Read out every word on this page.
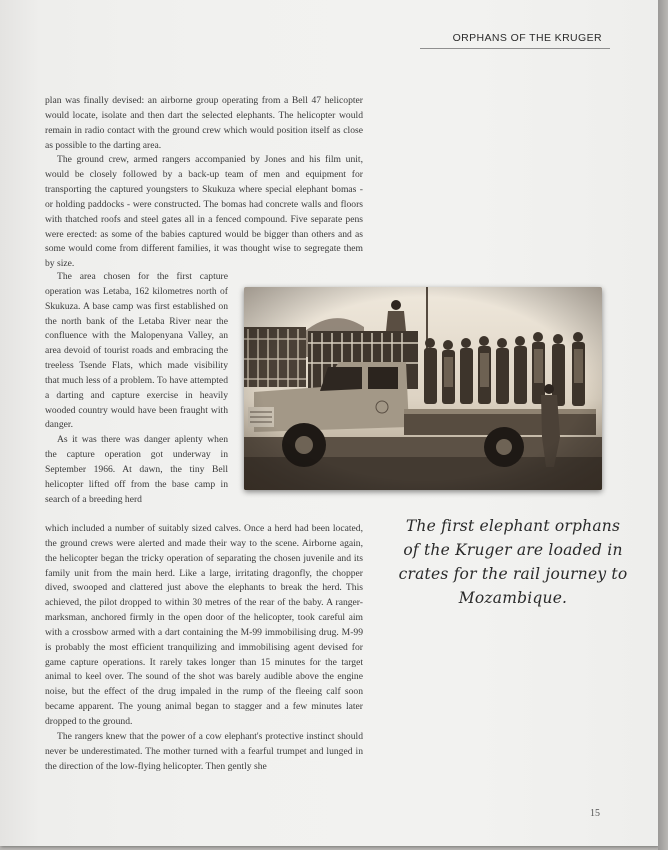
ORPHANS OF THE KRUGER

plan was finally devised: an airborne group operating from a Bell 47 helicopter would locate, isolate and then dart the selected elephants. The helicopter would remain in radio contact with the ground crew which would position itself as close as possible to the darting area.

The ground crew, armed rangers accompanied by Jones and his film unit, would be closely followed by a back-up team of men and equipment for transporting the captured youngsters to Skukuza where special elephant bomas - or holding paddocks - were constructed. The bomas had concrete walls and floors with thatched roofs and steel gates all in a fenced compound. Five separate pens were erected: as some of the babies captured would be bigger than others and as some would come from different families, it was thought wise to segregate them by size.

The area chosen for the first capture operation was Letaba, 162 kilometres north of Skukuza. A base camp was first established on the north bank of the Letaba River near the confluence with the Malopenyana Valley, an area devoid of tourist roads and embracing the treeless Tsende Flats, which made visibility that much less of a problem. To have attempted a darting and capture exercise in heavily wooded country would have been fraught with danger.

As it was there was danger aplenty when the capture operation got underway in September 1966. At dawn, the tiny Bell helicopter lifted off from the base camp in search of a breeding herd

which included a number of suitably sized calves. Once a herd had been located, the ground crews were alerted and made their way to the scene. Airborne again, the helicopter began the tricky operation of separating the chosen juvenile and its family unit from the main herd. Like a large, irritating dragonfly, the chopper dived, swooped and clattered just above the elephants to break the herd. This achieved, the pilot dropped to within 30 metres of the rear of the baby. A ranger-marksman, anchored firmly in the open door of the helicopter, took careful aim with a crossbow armed with a dart containing the M-99 immobilising drug. M-99 is probably the most efficient tranquilizing and immobilising agent devised for game capture operations. It rarely takes longer than 15 minutes for the target animal to keel over. The sound of the shot was barely audible above the engine noise, but the effect of the drug impaled in the rump of the fleeing calf soon became apparent. The young animal began to stagger and a few minutes later dropped to the ground.

The rangers knew that the power of a cow elephant's protective instinct should never be underestimated. The mother turned with a fearful trumpet and lunged in the direction of the low-flying helicopter. Then gently she

The first elephant orphans of the Kruger are loaded in crates for the rail journey to Mozambique.
15
